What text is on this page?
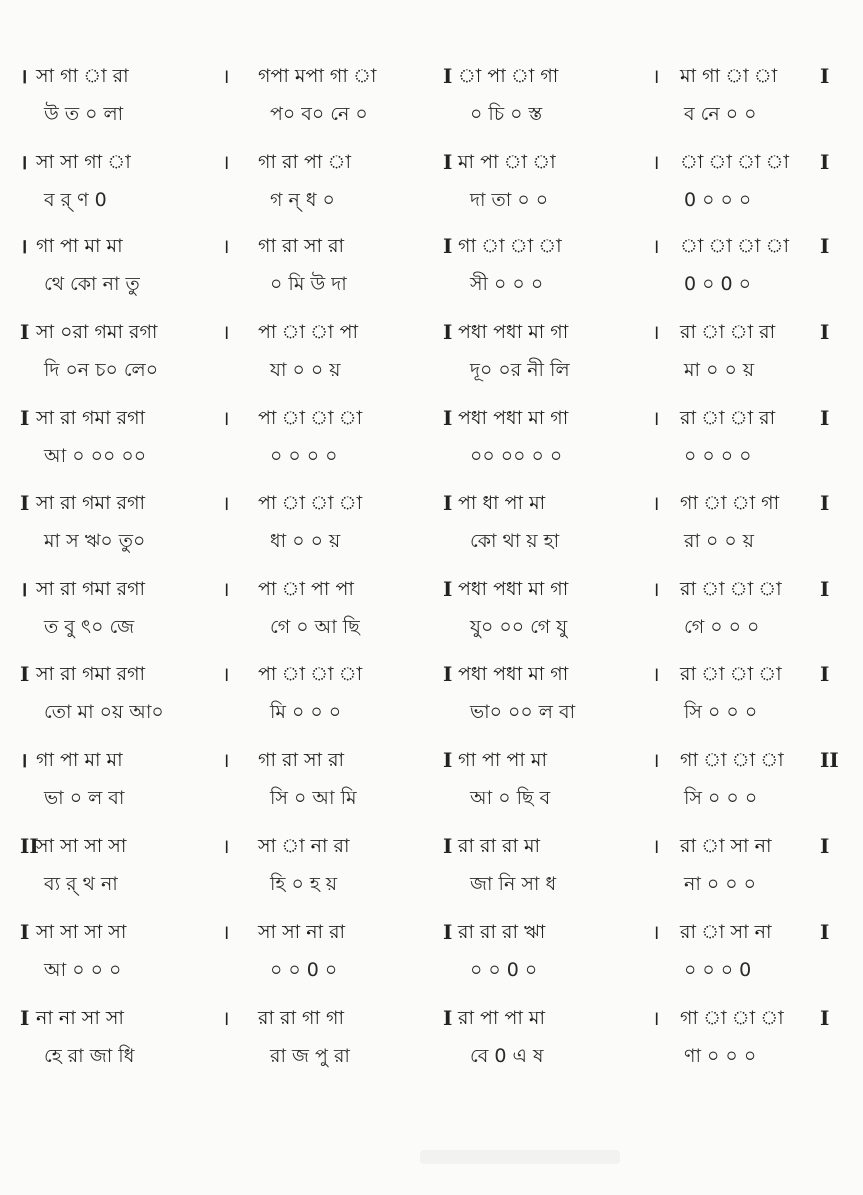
।	।	I	।	I
সা গা া রা	গপা মপা গা া	া পা া গা	মা গা া া
উ ত ০ লা	প০ ব০ নে ০	০ চি ০ স্ত	ব নে ০ ০
।	।	I	।	I
সা সা গা া	গা রা পা া	মা পা া া	া া া া
ব র্ ণ 0	গ ন্ ধ ০	দা তা ০ ০	0 ০ ০ ০
।	।	I	।	I
গা পা মা মা	গা রা সা রা	গা া া া	া া া া
থে কো না তু	০ মি উ দা	সী ০ ০ ০	0 ০ 0 ০
I	।	I	।	I
সা ০রা গমা রগা	পা া া পা	পধা পধা মা গা	রা া া রা
দি ০ন চ০ লে০	যা ০ ০ য়	দূ০ ০র নী লি	মা ০ ০ য়
I	।	I	।	I
সা রা গমা রগা	পা া া া	পধা পধা মা গা	রা া া রা
আ ০ ০০ ০০	০ ০ ০ ০	০০ ০০ ০ ০	০ ০ ০ ০
I	।	I	।	I
সা রা গমা রগা	পা া া া	পা ধা পা মা	গা া া গা
মা স ঋ০ তু০	ধা ০ ০ য়	কো থা য় হা	রা ০ ০ য়
।	।	I	।	I
সা রা গমা রগা	পা া পা পা	পধা পধা মা গা	রা া া া
ত বু ৎ০ জে	গে ০ আ ছি	যু০ ০০ গে যু	গে ০ ০ ০
I	।	I	।	I
সা রা গমা রগা	পা া া া	পধা পধা মা গা	রা া া া
তো মা ০য় আ০	মি ০ ০ ০	ভা০ ০০ ল বা	সি ০ ০ ০
।	।	I	।	II
গা পা মা মা	গা রা সা রা	গা পা পা মা	গা া া া
ভা ০ ল বা	সি ০ আ মি	আ ০ ছি ব	সি ০ ০ ০
II	।	I	।	I
সা সা সা সা	সা া না রা	রা রা রা মা	রা া সা না
ব্য র্ থ না	হি ০ হ য়	জা নি সা ধ	না ০ ০ ০
I	।	I	।	I
সা সা সা সা	সা সা না রা	রা রা রা ঋা	রা া সা না
আ ০ ০ ০	০ ০ 0 ০	০ ০ 0 ০	০ ০ ০ 0
I	।	I	।	I
না না সা সা	রা রা গা গা	রা পা পা মা	গা া া া
হে রা জা ধি	রা জ পু রা	বে 0 এ ষ	ণা ০ ০ ০
